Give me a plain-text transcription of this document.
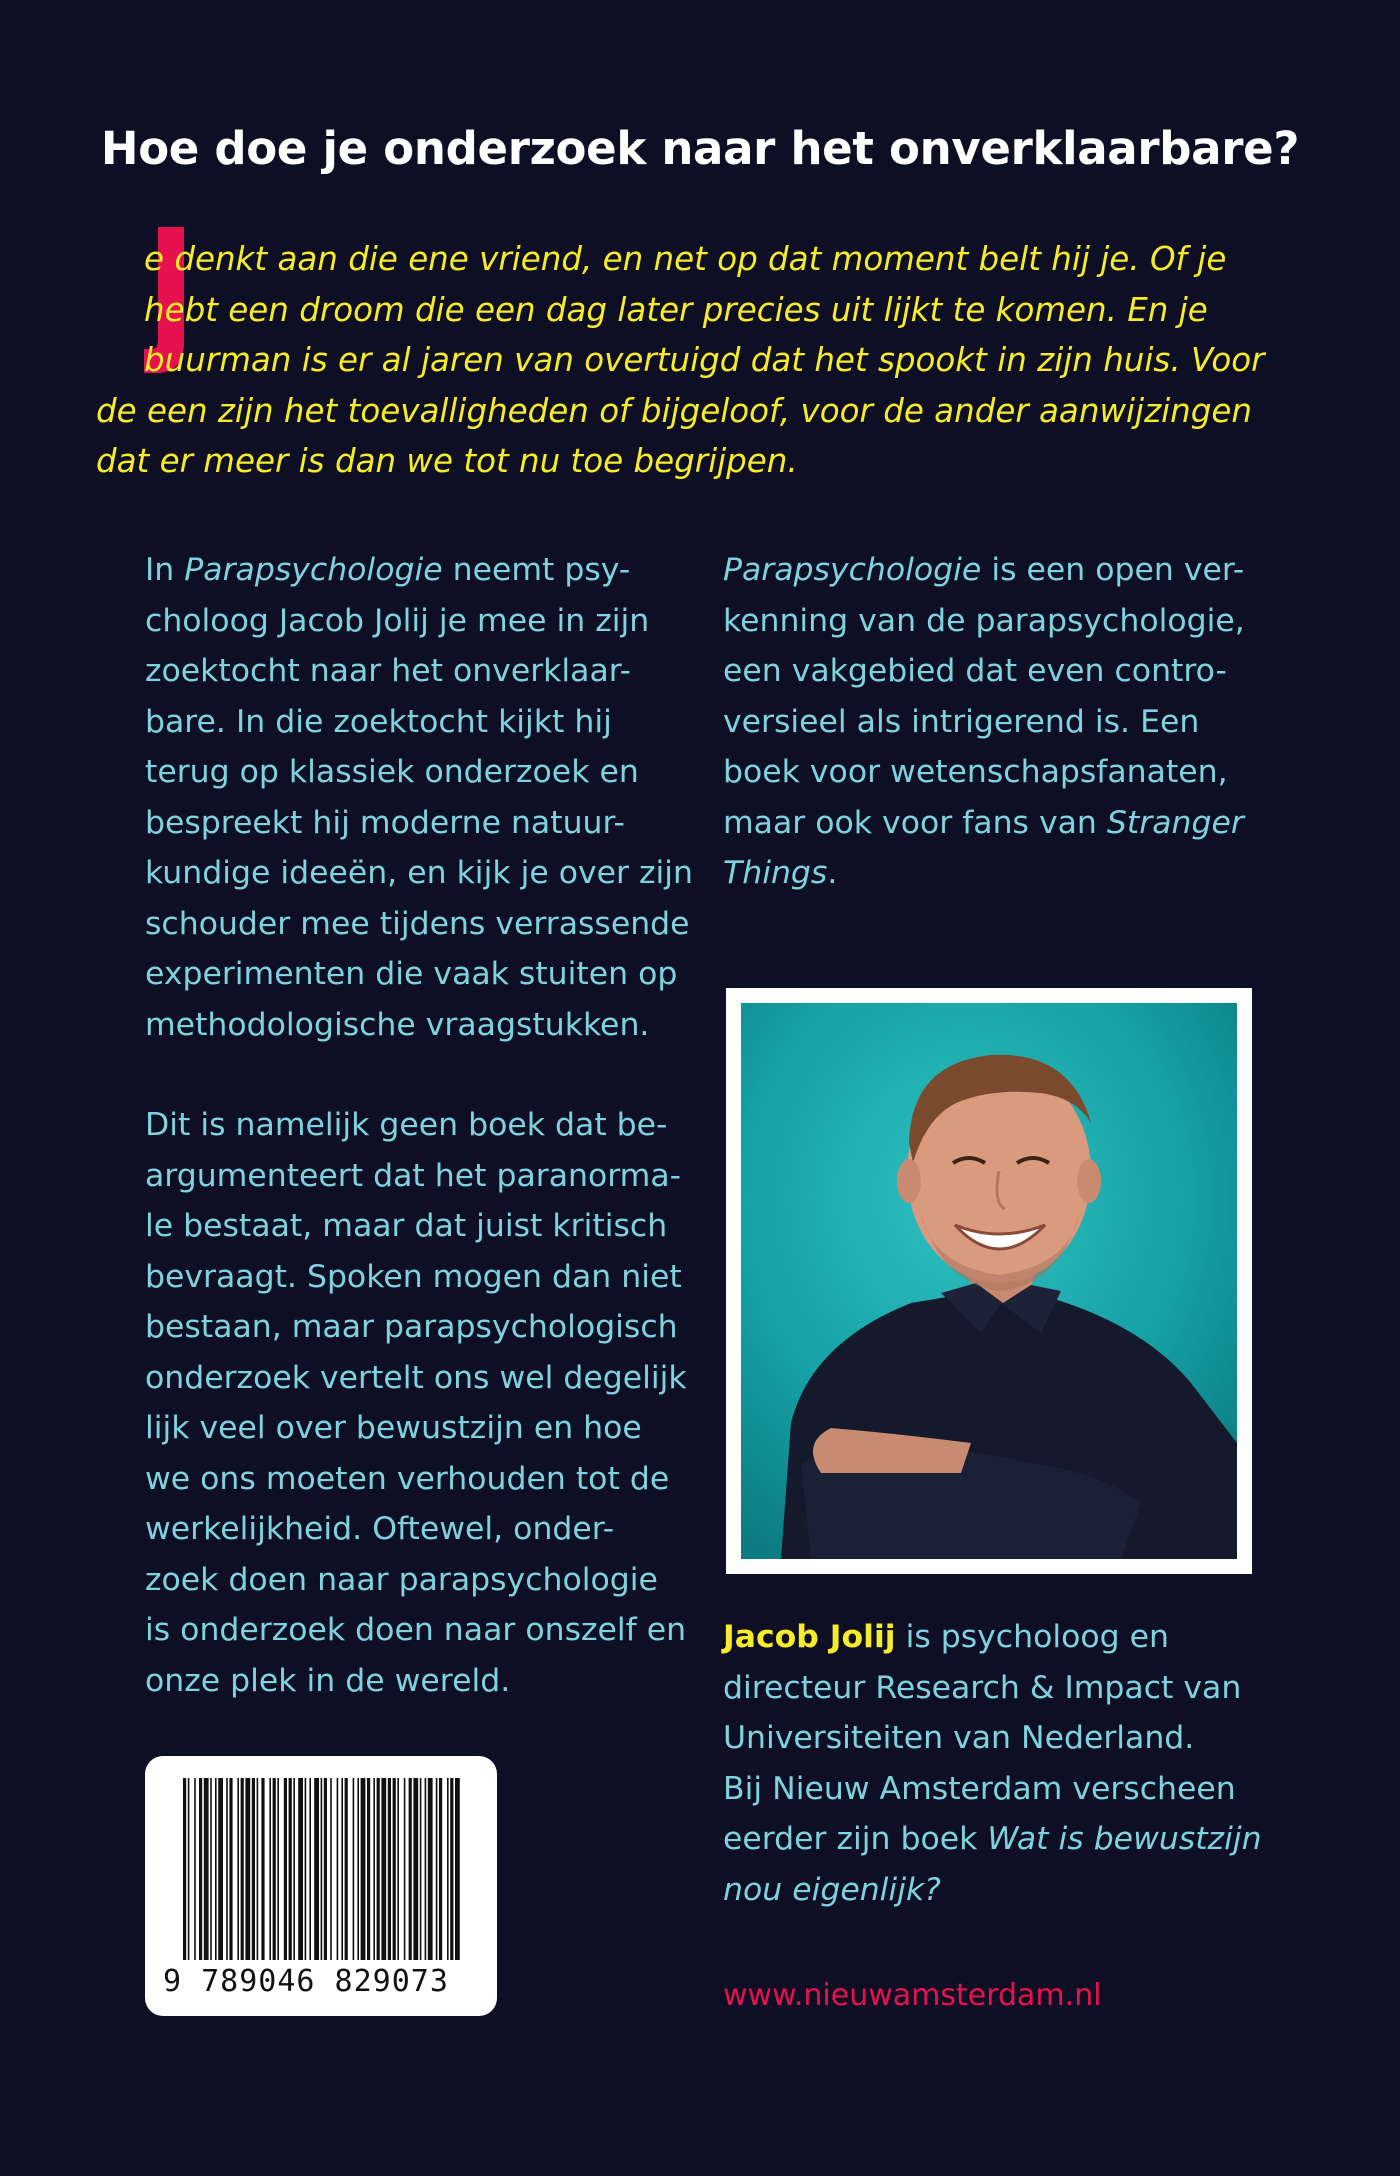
Hoe doe je onderzoek naar het onverklaarbare?
e denkt aan die ene vriend, en net op dat moment belt hij je. Of je
hebt een droom die een dag later precies uit lijkt te komen. En je
buurman is er al jaren van overtuigd dat het spookt in zijn huis. Voor
de een zijn het toevalligheden of bijgeloof, voor de ander aanwijzingen
dat er meer is dan we tot nu toe begrijpen.
In Parapsychologie neemt psy-
choloog Jacob Jolij je mee in zijn
zoektocht naar het onverklaar-
bare. In die zoektocht kijkt hij
terug op klassiek onderzoek en
bespreekt hij moderne natuur-
kundige ideeën, en kijk je over zijn
schouder mee tijdens verrassende
experimenten die vaak stuiten op
methodologische vraagstukken.
Dit is namelijk geen boek dat be-
argumenteert dat het paranorma-
le bestaat, maar dat juist kritisch
bevraagt. Spoken mogen dan niet
bestaan, maar parapsychologisch
onderzoek vertelt ons wel degelijk
lijk veel over bewustzijn en hoe
we ons moeten verhouden tot de
werkelijkheid. Oftewel, onder-
zoek doen naar parapsychologie
is onderzoek doen naar onszelf en
onze plek in de wereld.
Parapsychologie is een open ver-
kenning van de parapsychologie,
een vakgebied dat even contro-
versieel als intrigerend is. Een
boek voor wetenschapsfanaten,
maar ook voor fans van Stranger
Things.
Jacob Jolij is psycholoog en
directeur Research & Impact van
Universiteiten van Nederland.
Bij Nieuw Amsterdam verscheen
eerder zijn boek Wat is bewustzijn
nou eigenlijk?

www.nieuwamsterdam.nl

9 789046 829073
